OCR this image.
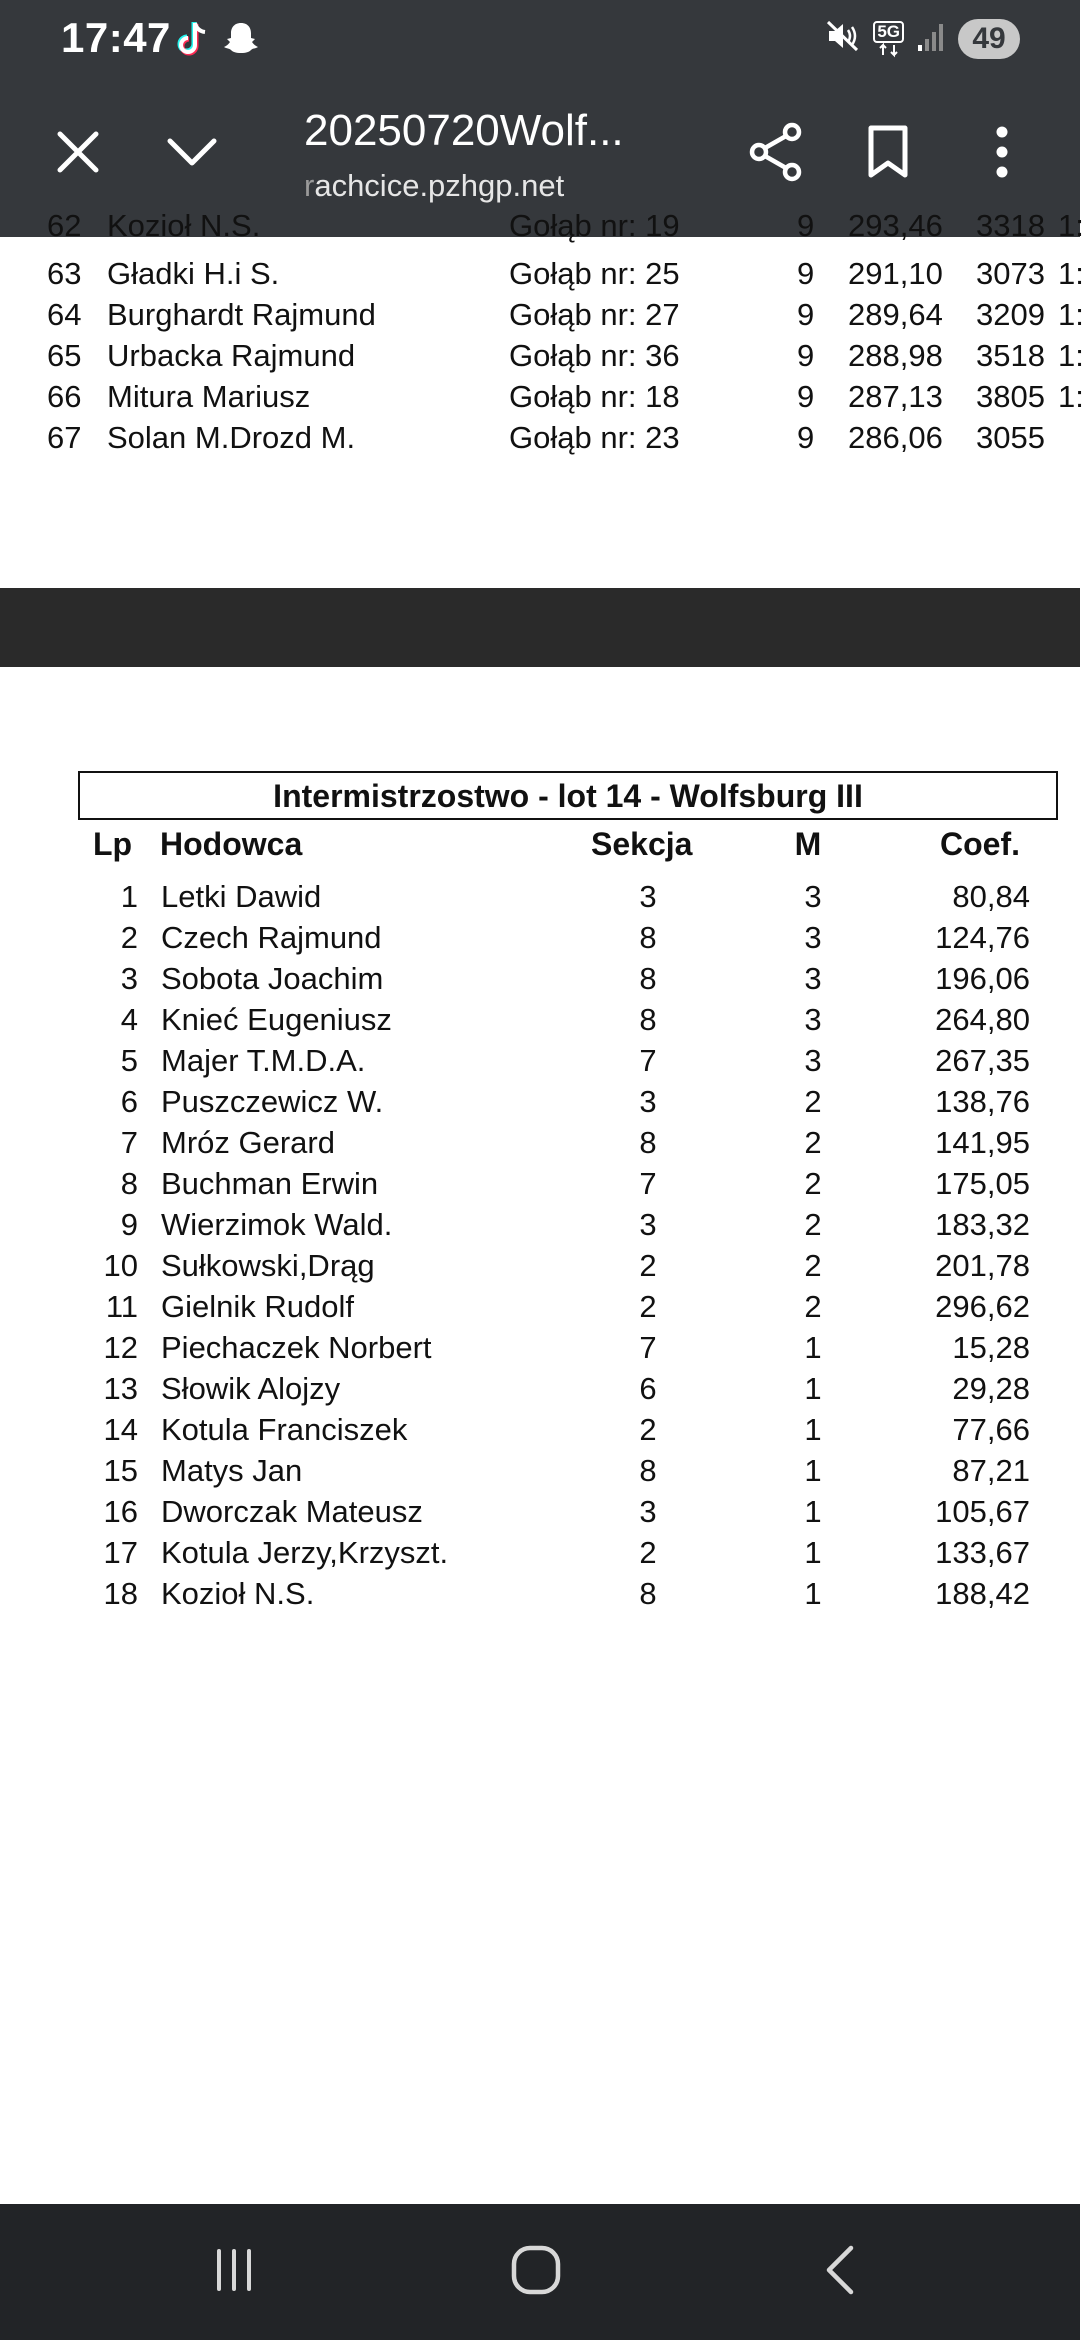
17:47	5G	49
20250720Wolf...
rachcice.pzhgp.net
62 Kozioł N.S.	Gołąb nr: 19	9 293,46 3318 1:
63 Gładki H.i S.	Gołąb nr: 25	9 291,10 3073 1:
64 Burghardt Rajmund	Gołąb nr: 27	9 289,64 3209 1:
65 Urbacka Rajmund	Gołąb nr: 36	9 288,98 3518 1:
66 Mitura Mariusz	Gołąb nr: 18	9 287,13 3805 1:
67 Solan M.Drozd M.	Gołąb nr: 23	9 286,06 3055
Intermistrzostwo - lot 14 - Wolfsburg III
Lp Hodowca	Sekcja	M	Coef.
1 Letki Dawid	3	3	80,84
2 Czech Rajmund	8	3	124,76
3 Sobota Joachim	8	3	196,06
4 Knieć Eugeniusz	8	3	264,80
5 Majer T.M.D.A.	7	3	267,35
6 Puszczewicz W.	3	2	138,76
7 Mróz Gerard	8	2	141,95
8 Buchman Erwin	7	2	175,05
9 Wierzimok Wald.	3	2	183,32
10 Sułkowski,Drąg	2	2	201,78
11 Gielnik Rudolf	2	2	296,62
12 Piechaczek Norbert	7	1	15,28
13 Słowik Alojzy	6	1	29,28
14 Kotula Franciszek	2	1	77,66
15 Matys Jan	8	1	87,21
16 Dworczak Mateusz	3	1	105,67
17 Kotula Jerzy,Krzyszt.	2	1	133,67
18 Kozioł N.S.	8	1	188,42
